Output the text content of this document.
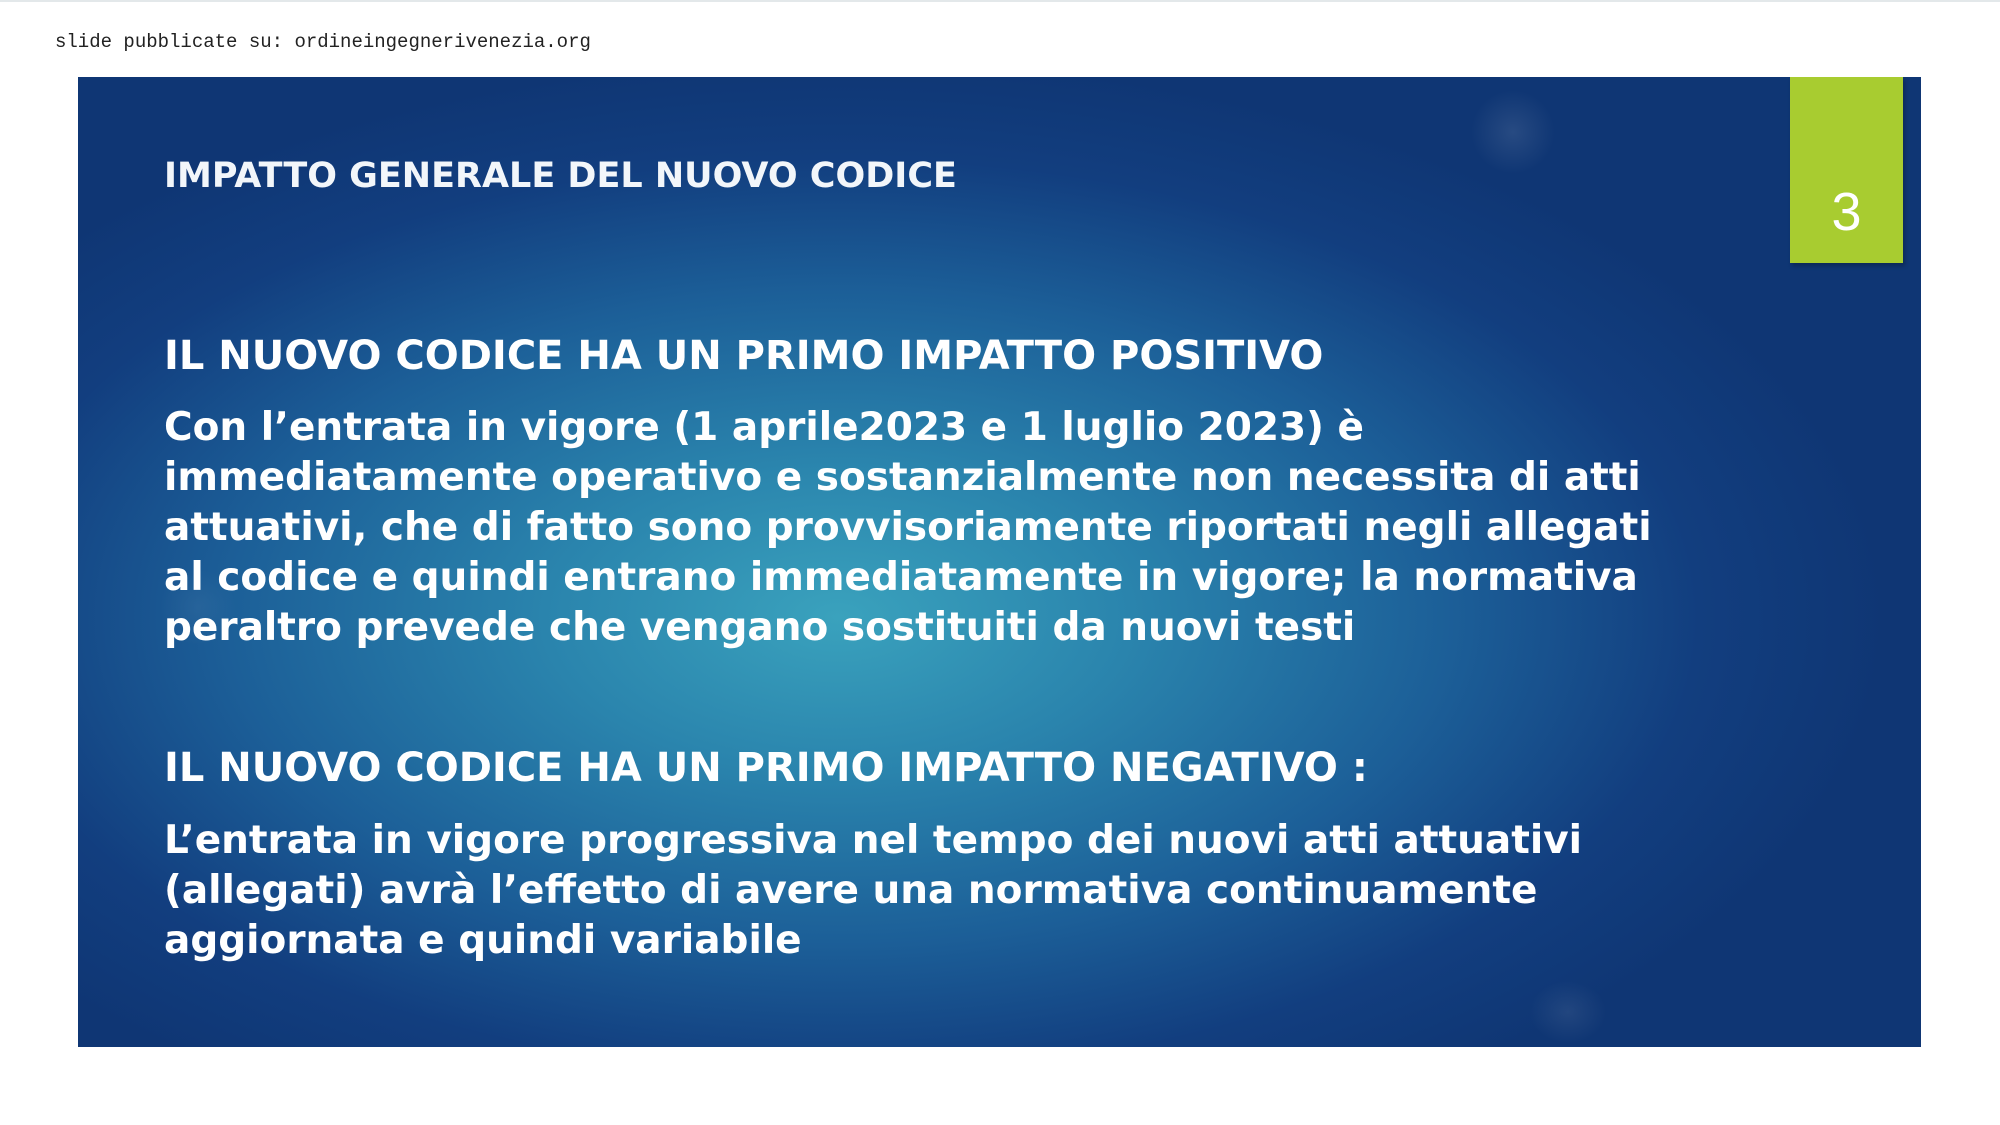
slide pubblicate su: ordineingegnerivenezia.org
3
IMPATTO GENERALE DEL NUOVO CODICE
IL NUOVO CODICE HA UN PRIMO IMPATTO POSITIVO
Con l’entrata in vigore (1 aprile2023 e 1 luglio 2023) è
immediatamente operativo e sostanzialmente non necessita di atti
attuativi, che di fatto sono provvisoriamente riportati negli allegati
al codice e quindi entrano immediatamente in vigore; la normativa
peraltro prevede che vengano sostituiti da nuovi testi
IL NUOVO CODICE HA UN PRIMO IMPATTO NEGATIVO :
L’entrata in vigore progressiva nel tempo dei nuovi atti attuativi
(allegati) avrà l’effetto di avere una normativa continuamente
aggiornata e quindi variabile
